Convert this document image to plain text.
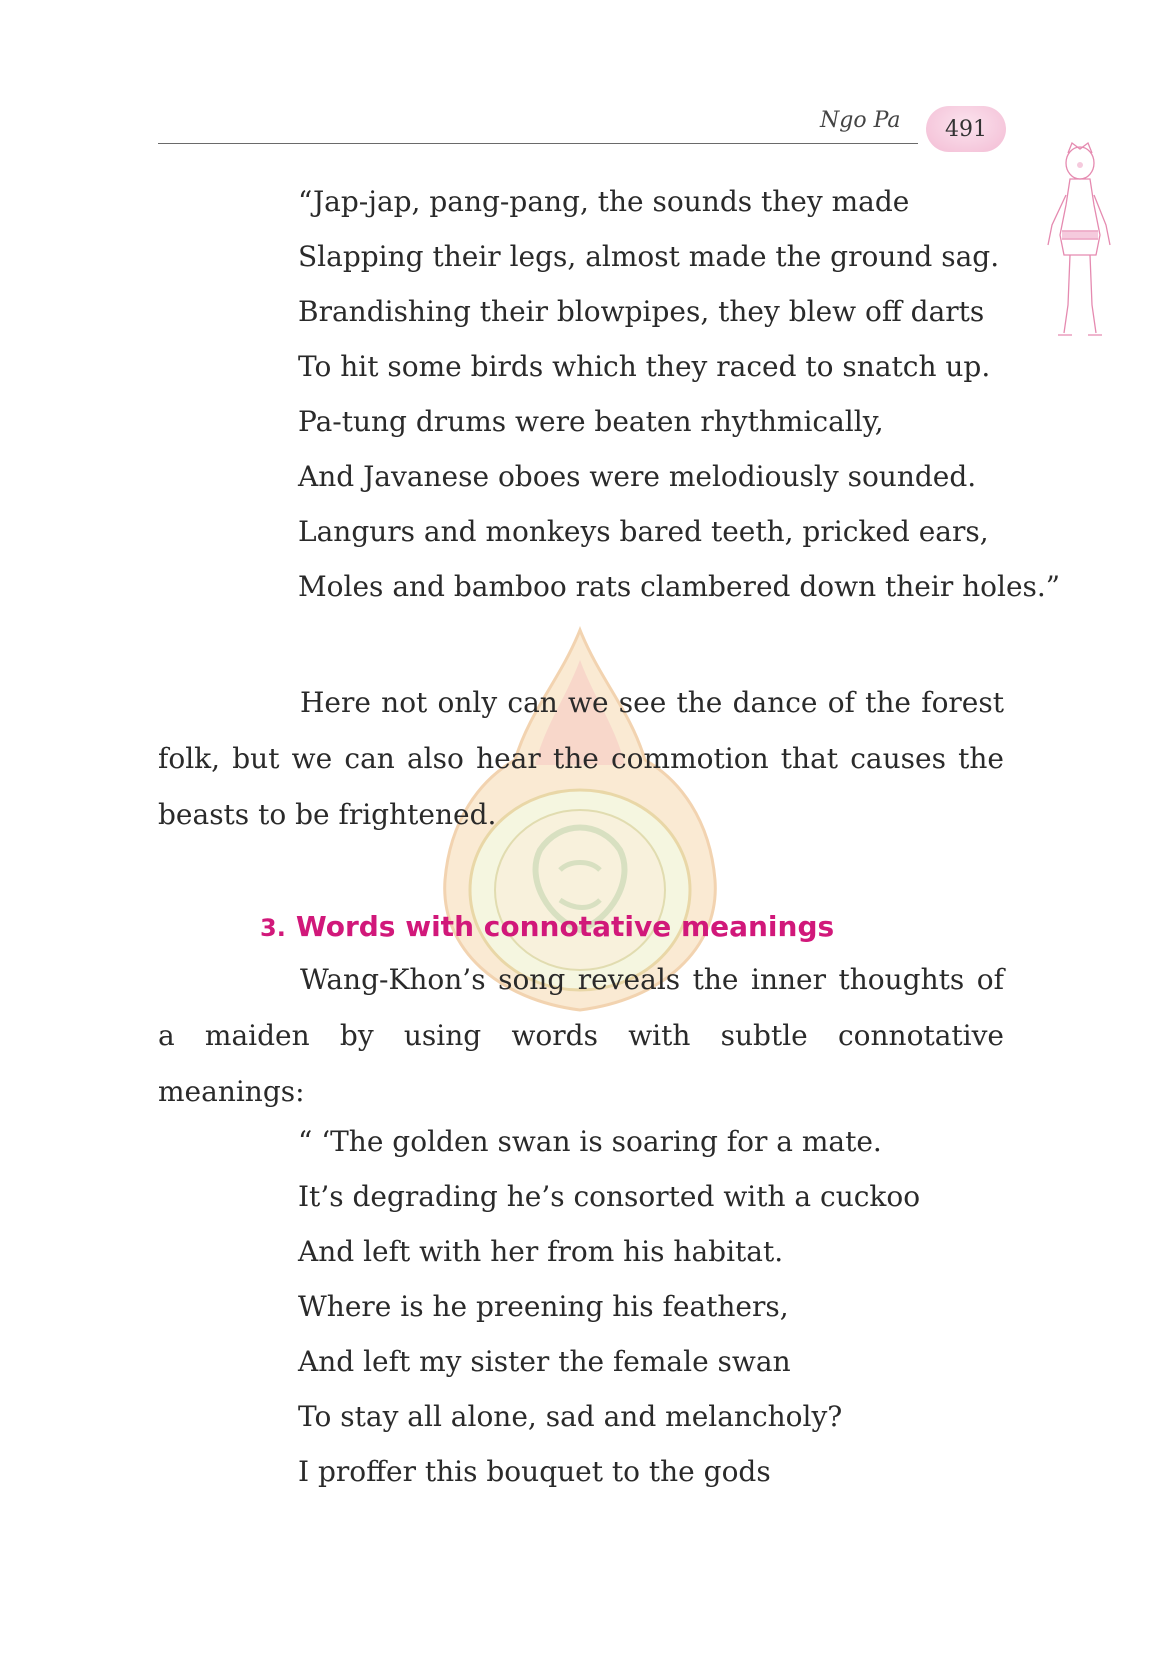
Ngo Pa 491
“Jap-jap, pang-pang, the sounds they made
Slapping their legs, almost made the ground sag.
Brandishing their blowpipes, they blew off darts
To hit some birds which they raced to snatch up.
Pa-tung drums were beaten rhythmically,
And Javanese oboes were melodiously sounded.
Langurs and monkeys bared teeth, pricked ears,
Moles and bamboo rats clambered down their holes.”
Here not only can we see the dance of the forest folk, but we can also hear the commotion that causes the beasts to be frightened.
3. Words with connotative meanings
Wang-Khon’s song reveals the inner thoughts of a maiden by using words with subtle connotative meanings:
“ ‘The golden swan is soaring for a mate.
It’s degrading he’s consorted with a cuckoo
And left with her from his habitat.
Where is he preening his feathers,
And left my sister the female swan
To stay all alone, sad and melancholy?
I proffer this bouquet to the gods
